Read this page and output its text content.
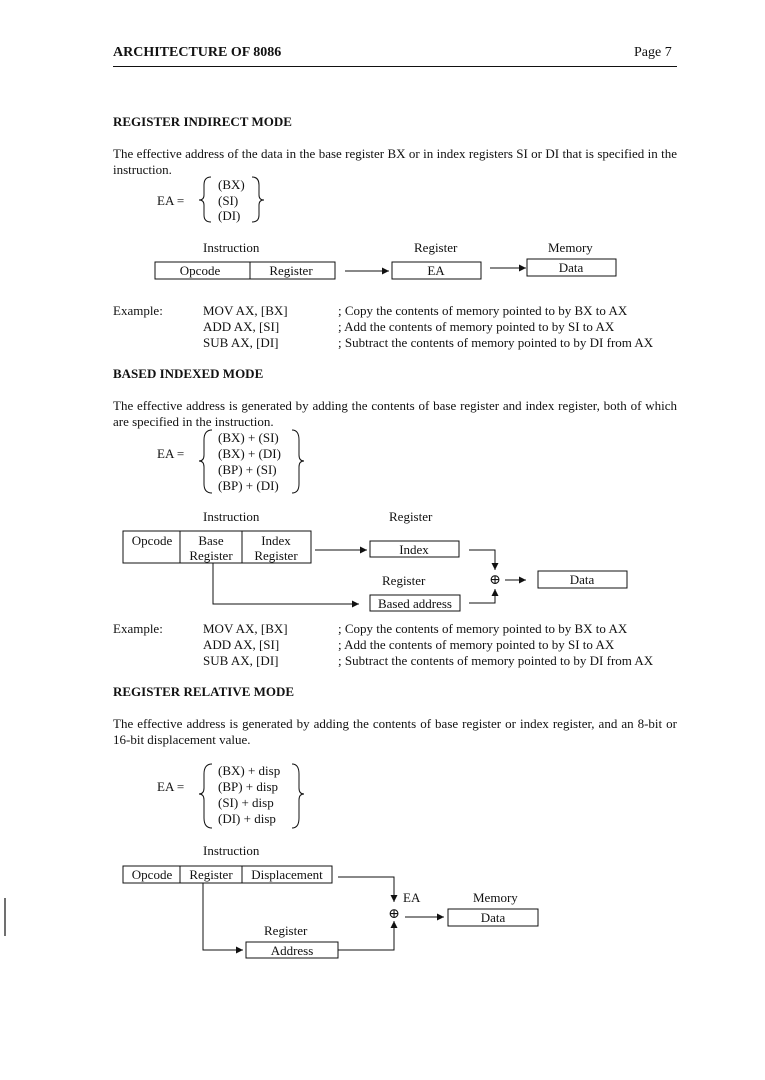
ARCHITECTURE OF 8086	Page 7
REGISTER INDIRECT MODE
The effective address of the data in the base register BX or in index registers SI or DI that is specified in the instruction.
EA =
(BX)
(SI)
(DI)
Instruction	Register	Memory
Example:	MOV AX, [BX]	; Copy the contents of memory pointed to by BX to AX
ADD AX, [SI]	; Add the contents of memory pointed to by SI to AX
SUB AX, [DI]	; Subtract the contents of memory pointed to by DI from AX
BASED INDEXED MODE
The effective address is generated by adding the contents of base register and index register, both of which are specified in the instruction.
EA =
(BX) + (SI)
(BX) + (DI)
(BP) + (SI)
(BP) + (DI)
Instruction	Register
Register
Example:	MOV AX, [BX]	; Copy the contents of memory pointed to by BX to AX
ADD AX, [SI]	; Add the contents of memory pointed to by SI to AX
SUB AX, [DI]	; Subtract the contents of memory pointed to by DI from AX
REGISTER RELATIVE MODE
The effective address is generated by adding the contents of base register or index register, and an 8-bit or 16-bit displacement value.
EA =
(BX) + disp
(BP) + disp
(SI) + disp
(DI) + disp
Instruction
EA	Memory
Register
Opcode	Register	EA	Data
Opcode Base
Register
Index
Register	Index
⊕	Data
Based address
Opcode Register Displacement
⊕	Data
Address
